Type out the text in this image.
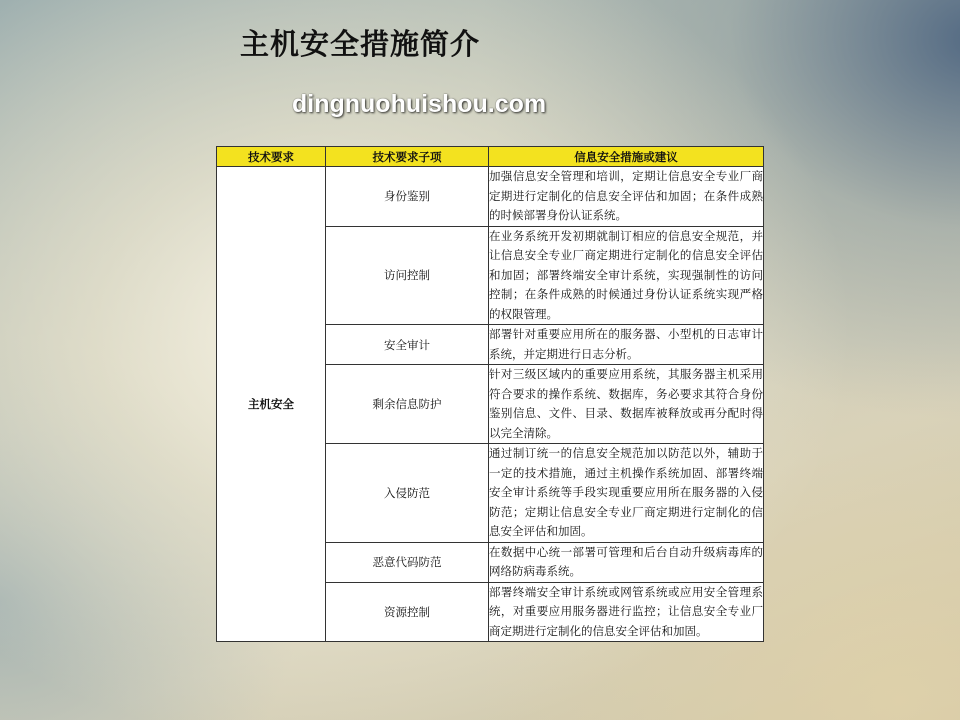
主机安全措施简介
dingnuohuishou.com
技术要求	技术要求子项	信息安全措施或建议
主机安全	身份鉴别	加强信息安全管理和培训，定期让信息安全专业厂商定期进行定制化的信息安全评估和加固；在条件成熟的时候部署身份认证系统。
	访问控制	在业务系统开发初期就制订相应的信息安全规范，并让信息安全专业厂商定期进行定制化的信息安全评估和加固；部署终端安全审计系统，实现强制性的访问控制；在条件成熟的时候通过身份认证系统实现严格的权限管理。
	安全审计	部署针对重要应用所在的服务器、小型机的日志审计系统，并定期进行日志分析。
	剩余信息防护	针对三级区域内的重要应用系统，其服务器主机采用符合要求的操作系统、数据库，务必要求其符合身份鉴别信息、文件、目录、数据库被释放或再分配时得以完全清除。
	入侵防范	通过制订统一的信息安全规范加以防范以外，辅助于一定的技术措施，通过主机操作系统加固、部署终端安全审计系统等手段实现重要应用所在服务器的入侵防范；定期让信息安全专业厂商定期进行定制化的信息安全评估和加固。
	恶意代码防范	在数据中心统一部署可管理和后台自动升级病毒库的网络防病毒系统。
	资源控制	部署终端安全审计系统或网管系统或应用安全管理系统，对重要应用服务器进行监控；让信息安全专业厂商定期进行定制化的信息安全评估和加固。
